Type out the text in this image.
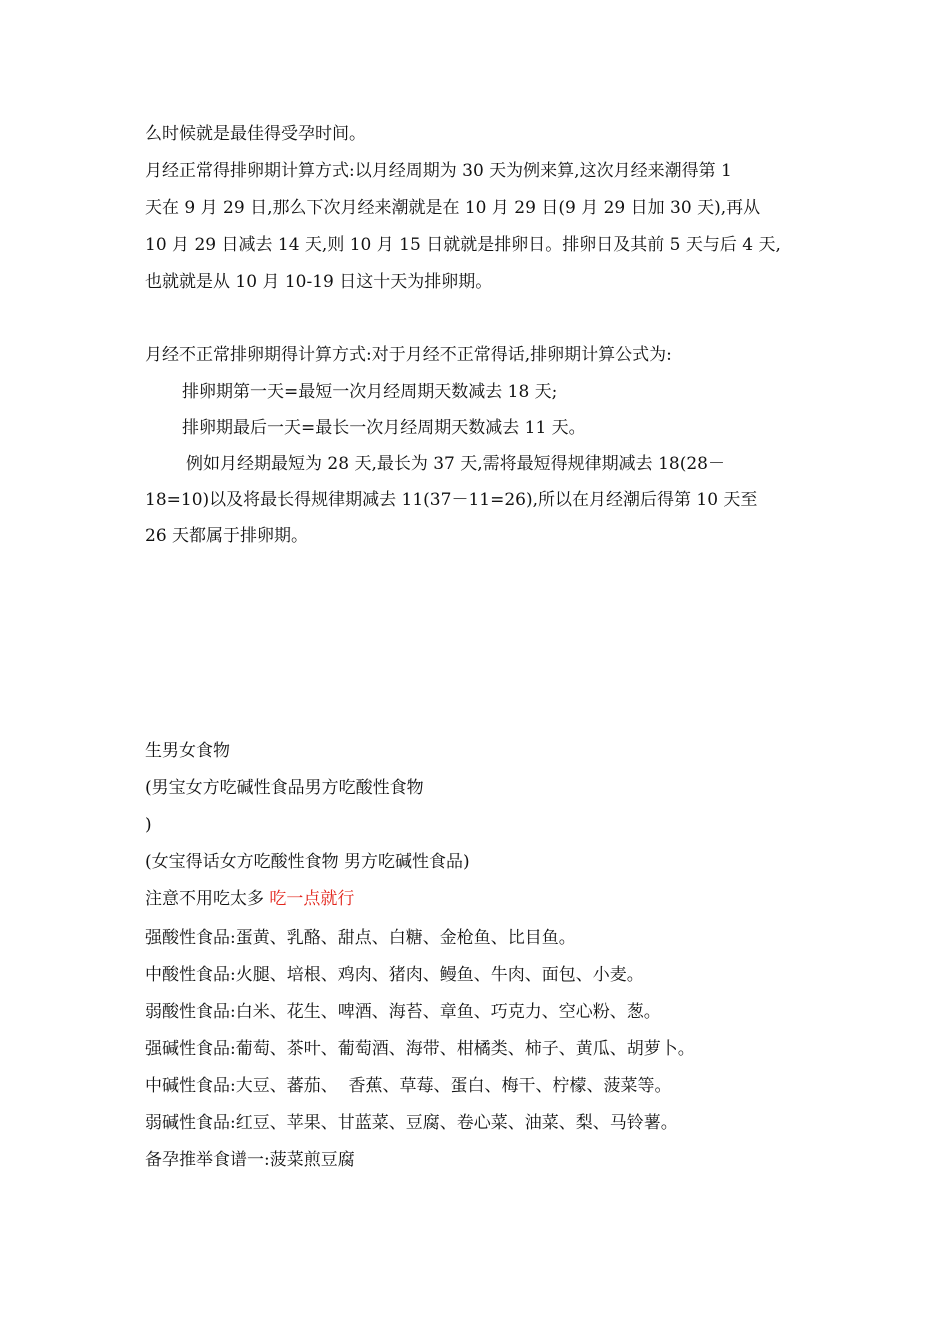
么时候就是最佳得受孕时间。
月经正常得排卵期计算方式:以月经周期为 30 天为例来算,这次月经来潮得第 1
天在 9 月 29 日,那么下次月经来潮就是在 10 月 29 日(9 月 29 日加 30 天),再从
10 月 29 日减去 14 天,则 10 月 15 日就就是排卵日。排卵日及其前 5 天与后 4 天,
也就就是从 10 月 10-19 日这十天为排卵期。
月经不正常排卵期得计算方式:对于月经不正常得话,排卵期计算公式为:
排卵期第一天=最短一次月经周期天数减去 18 天;
排卵期最后一天=最长一次月经周期天数减去 11 天。
例如月经期最短为 28 天,最长为 37 天,需将最短得规律期减去 18(28－
18=10)以及将最长得规律期减去 11(37－11=26),所以在月经潮后得第 10 天至
26 天都属于排卵期。
生男女食物
(男宝女方吃碱性食品男方吃酸性食物
)
(女宝得话女方吃酸性食物 男方吃碱性食品)
注意不用吃太多 吃一点就行
强酸性食品:蛋黄、乳酪、甜点、白糖、金枪鱼、比目鱼。
中酸性食品:火腿、培根、鸡肉、猪肉、鳗鱼、牛肉、面包、小麦。
弱酸性食品:白米、花生、啤酒、海苔、章鱼、巧克力、空心粉、葱。
强碱性食品:葡萄、茶叶、葡萄酒、海带、柑橘类、柿子、黄瓜、胡萝卜。
中碱性食品:大豆、蕃茄、  香蕉、草莓、蛋白、梅干、柠檬、菠菜等。
弱碱性食品:红豆、苹果、甘蓝菜、豆腐、卷心菜、油菜、梨、马铃薯。
备孕推举食谱一:菠菜煎豆腐
